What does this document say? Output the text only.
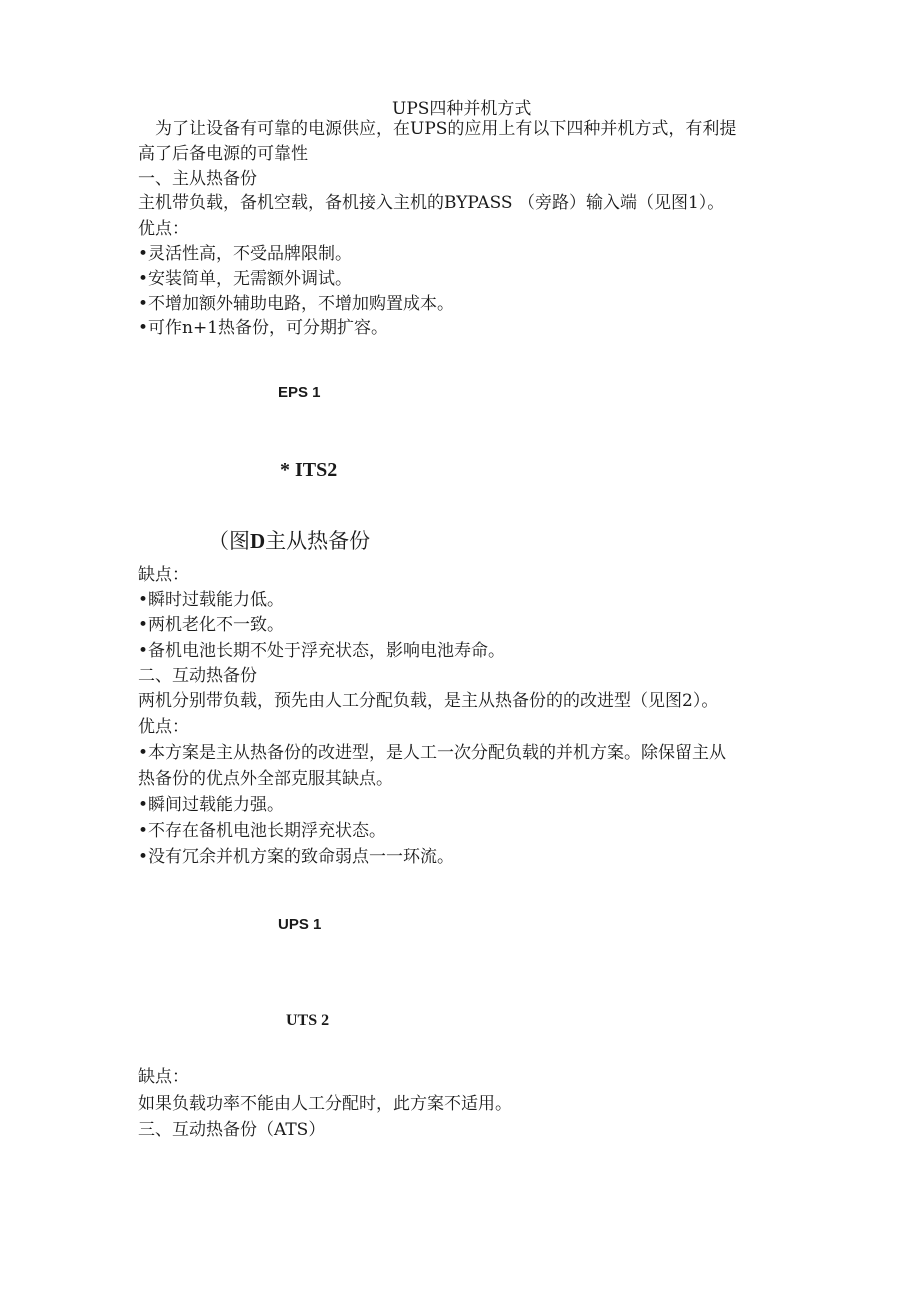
UPS四种并机方式
为了让设备有可靠的电源供应，在UPS的应用上有以下四种并机方式，有利提
高了后备电源的可靠性
一、主从热备份
主机带负载，备机空载，备机接入主机的BYPASS （旁路）输入端（见图1）。
优点：
•灵活性高，不受品牌限制。
•安装简单，无需额外调试。
•不增加额外辅助电路，不增加购置成本。
•可作n+1热备份，可分期扩容。
EPS 1
* ITS2
（图D主从热备份
缺点：
•瞬时过载能力低。
•两机老化不一致。
•备机电池长期不处于浮充状态，影响电池寿命。
二、互动热备份
两机分别带负载，预先由人工分配负载，是主从热备份的的改进型（见图2）。
优点：
•本方案是主从热备份的改进型，是人工一次分配负载的并机方案。除保留主从
热备份的优点外全部克服其缺点。
•瞬间过载能力强。
•不存在备机电池长期浮充状态。
•没有冗余并机方案的致命弱点一一环流。
UPS 1
UTS 2
缺点：
如果负载功率不能由人工分配时，此方案不适用。
三、互动热备份（ATS）
